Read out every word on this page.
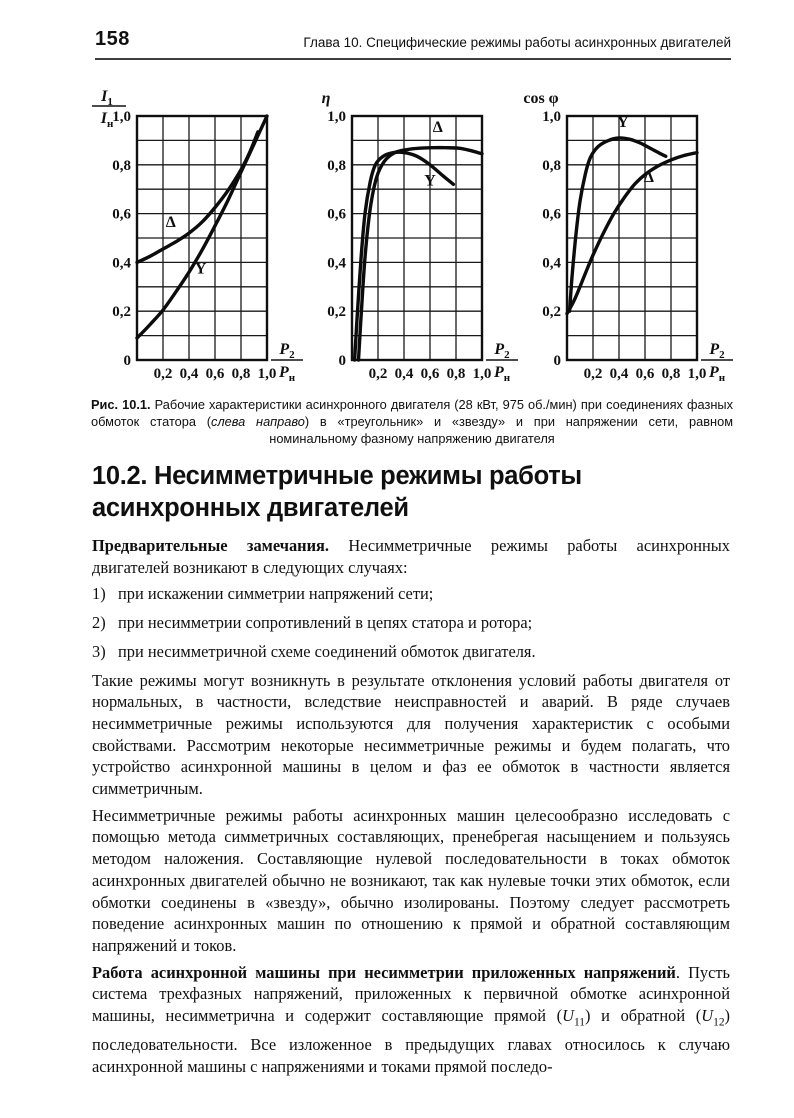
158	Глава 10. Специфические режимы работы асинхронных двигателей
0
0,2
0,4
0,6
0,8
1,0
0,2 0,4 0,6 0,8 1,0
$I_1$
$I_н$
$P_2$
$P_н$
Δ
Y
0
0,2
0,4
0,6
0,8
1,0
0,2 0,4 0,6 0,8 1,0
η
$P_2$
$P_н$
Δ
Y
0
0,2
0,4
0,6
0,8
1,0
0,2 0,4 0,6 0,8 1,0
cos φ
$P_2$
$P_н$
Y
Δ
Рис. 10.1. Рабочие характеристики асинхронного двигателя (28 кВт, 975 об./мин) при соединениях фазных обмоток статора (слева направо) в «треугольник» и «звезду» и при напряжении сети, равном номинальному фазному напряжению двигателя
10.2. Несимметричные режимы работы асинхронных двигателей

Предварительные замечания. Несимметричные режимы работы асинхронных двигателей возникают в следующих случаях:

1) при искажении симметрии напряжений сети;

2) при несимметрии сопротивлений в цепях статора и ротора;

3) при несимметричной схеме соединений обмоток двигателя.

Такие режимы могут возникнуть в результате отклонения условий работы двигателя от нормальных, в частности, вследствие неисправностей и аварий. В ряде случаев несимметричные режимы используются для получения характеристик с особыми свойствами. Рассмотрим некоторые несимметричные режимы и будем полагать, что устройство асинхронной машины в целом и фаз ее обмоток в частности является симметричным.

Несимметричные режимы работы асинхронных машин целесообразно исследовать с помощью метода симметричных составляющих, пренебрегая насыщением и пользуясь методом наложения. Составляющие нулевой последовательности в токах обмоток асинхронных двигателей обычно не возникают, так как нулевые точки этих обмоток, если обмотки соединены в «звезду», обычно изолированы. Поэтому следует рассмотреть поведение асинхронных машин по отношению к прямой и обратной составляющим напряжений и токов.

Работа асинхронной машины при несимметрии приложенных напряжений. Пусть система трехфазных напряжений, приложенных к первичной обмотке асинхронной машины, несимметрична и содержит составляющие прямой $(U_{11})$ и обратной $(U_{12})$ последовательности. Все изложенное в предыдущих главах относилось к случаю асинхронной машины с напряжениями и токами прямой последо-
